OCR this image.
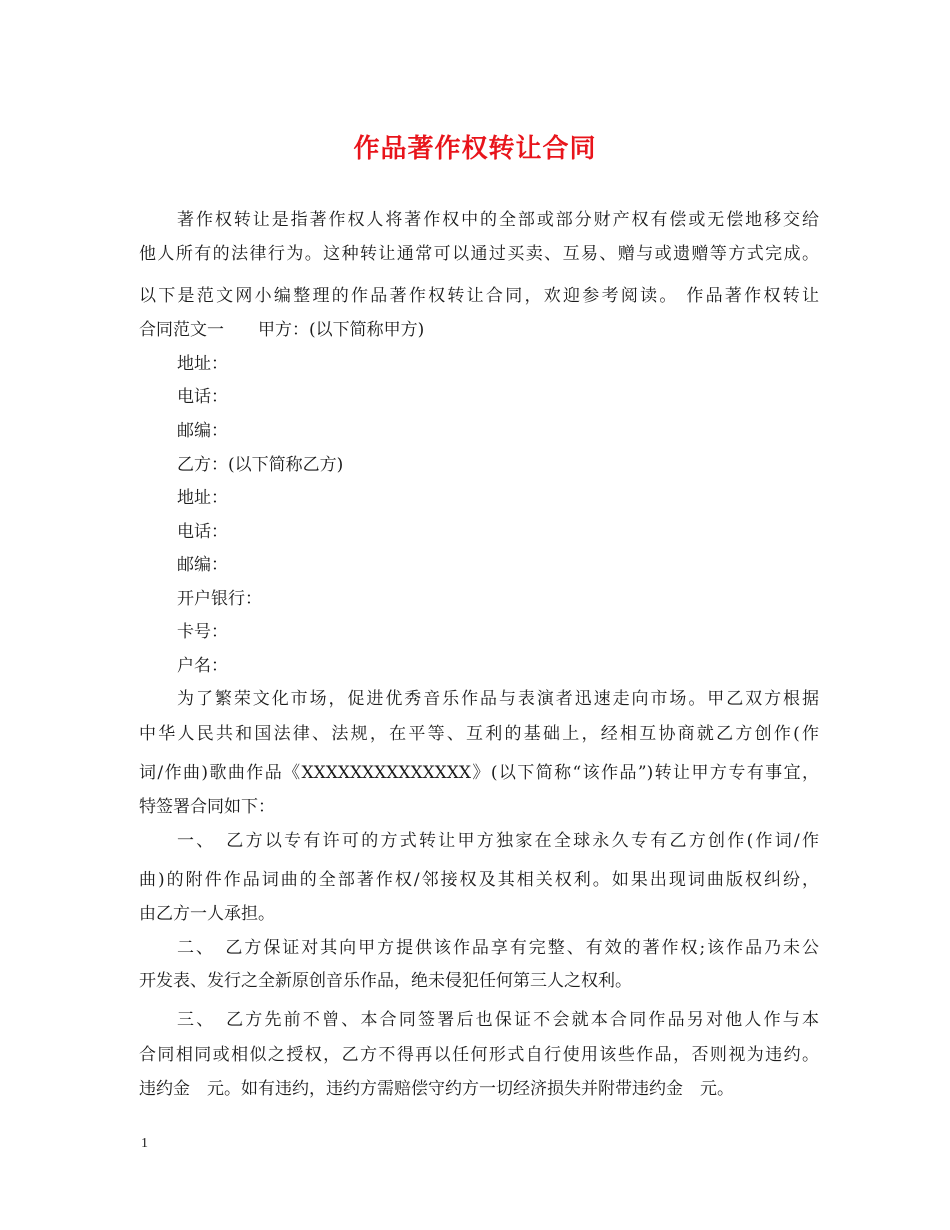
作品著作权转让合同
著作权转让是指著作权人将著作权中的全部或部分财产权有偿或无偿地移交给
他人所有的法律行为。这种转让通常可以通过买卖、互易、赠与或遗赠等方式完成。
以下是范文网小编整理的作品著作权转让合同，欢迎参考阅读。 作品著作权转让
合同范文一　　甲方：(以下简称甲方)
地址：
电话：
邮编：
乙方：(以下简称乙方)
地址：
电话：
邮编：
开户银行：
卡号：
户名：
为了繁荣文化市场，促进优秀音乐作品与表演者迅速走向市场。甲乙双方根据
中华人民共和国法律、法规，在平等、互利的基础上，经相互协商就乙方创作(作
词/作曲)歌曲作品《XXXXXXXXXXXXXX》(以下简称“该作品”)转让甲方专有事宜，
特签署合同如下：
一、　乙方以专有许可的方式转让甲方独家在全球永久专有乙方创作(作词/作
曲)的附件作品词曲的全部著作权/邻接权及其相关权利。如果出现词曲版权纠纷，
由乙方一人承担。
二、　乙方保证对其向甲方提供该作品享有完整、有效的著作权;该作品乃未公
开发表、发行之全新原创音乐作品，绝未侵犯任何第三人之权利。
三、　乙方先前不曾、本合同签署后也保证不会就本合同作品另对他人作与本
合同相同或相似之授权，乙方不得再以任何形式自行使用该些作品，否则视为违约。
违约金　元。如有违约，违约方需赔偿守约方一切经济损失并附带违约金　元。
1
